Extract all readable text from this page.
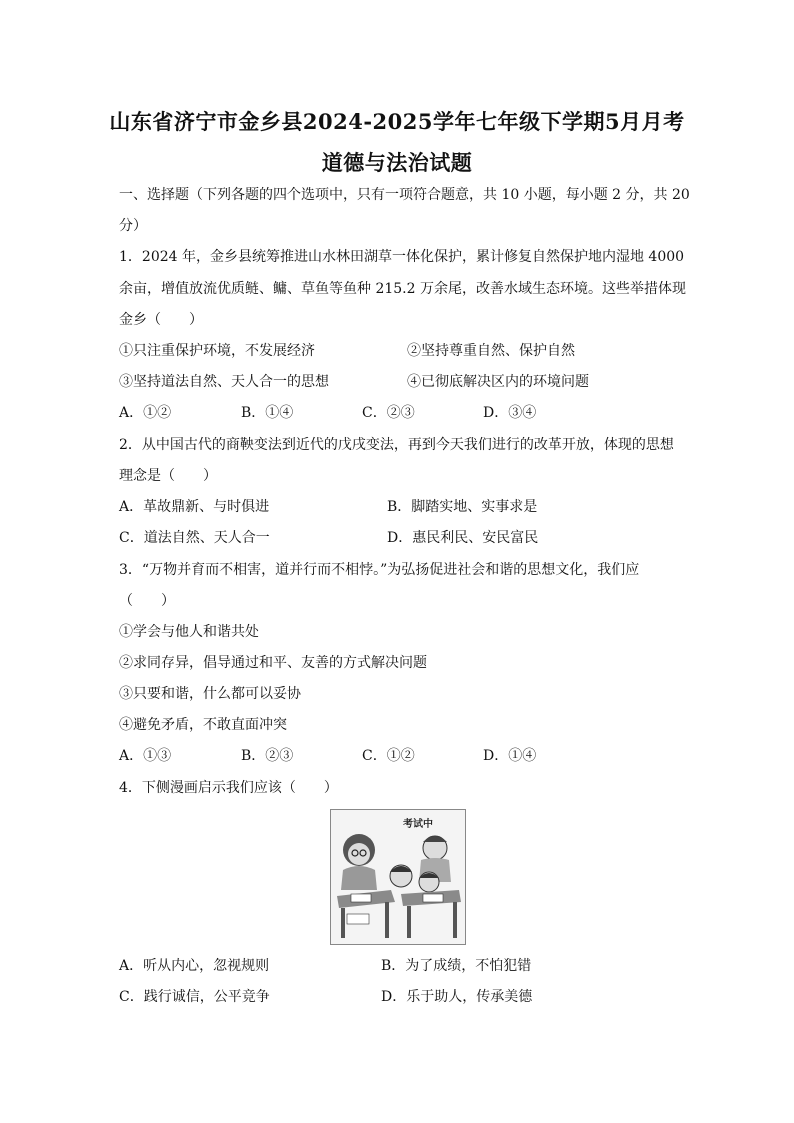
山东省济宁市金乡县2024-2025学年七年级下学期5月月考
道德与法治试题
一、选择题（下列各题的四个选项中，只有一项符合题意，共 10 小题，每小题 2 分，共 20
分）
1．2024 年，金乡县统筹推进山水林田湖草一体化保护，累计修复自然保护地内湿地 4000
余亩，增值放流优质鲢、鳙、草鱼等鱼种 215.2 万余尾，改善水域生态环境。这些举措体现
金乡（　　）
①只注重保护环境，不发展经济	②坚持尊重自然、保护自然
③坚持道法自然、天人合一的思想	④已彻底解决区内的环境问题
A．①②	B．①④	C．②③	D．③④
2．从中国古代的商鞅变法到近代的戊戌变法，再到今天我们进行的改革开放，体现的思想
理念是（　　）
A．革故鼎新、与时俱进	B．脚踏实地、实事求是
C．道法自然、天人合一	D．惠民利民、安民富民
3．“万物并育而不相害，道并行而不相悖。”为弘扬促进社会和谐的思想文化，我们应
（　　）
①学会与他人和谐共处
②求同存异，倡导通过和平、友善的方式解决问题
③只要和谐，什么都可以妥协
④避免矛盾，不敢直面冲突
A．①③	B．②③	C．①②	D．①④
4．下侧漫画启示我们应该（　　）
考试中
A．听从内心，忽视规则	B．为了成绩，不怕犯错
C．践行诚信，公平竞争	D．乐于助人，传承美德
